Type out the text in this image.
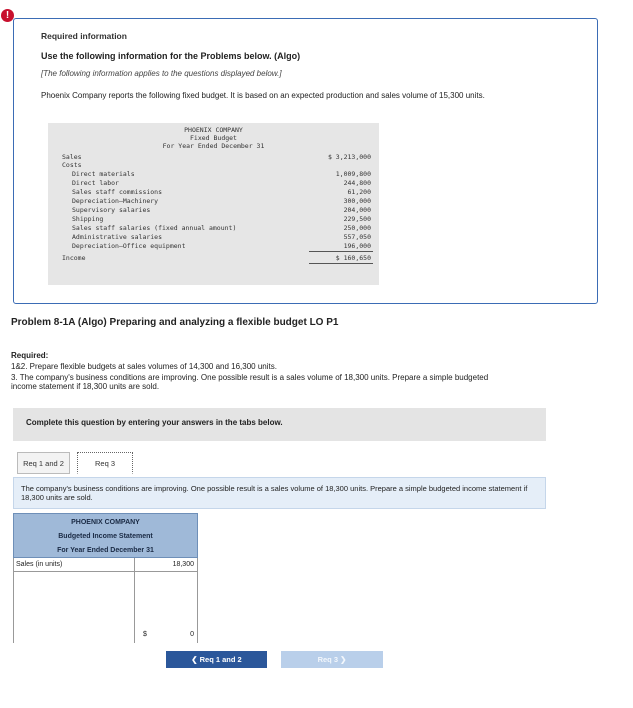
!
Required information
Use the following information for the Problems below. (Algo)
[The following information applies to the questions displayed below.]
Phoenix Company reports the following fixed budget. It is based on an expected production and sales volume of 15,300 units.
PHOENIX COMPANY
Fixed Budget
For Year Ended December 31
Sales	$ 3,213,000
Costs
Direct materials	1,009,800
Direct labor	244,800
Sales staff commissions	61,200
Depreciation—Machinery	300,000
Supervisory salaries	204,000
Shipping	229,500
Sales staff salaries (fixed annual amount)	250,000
Administrative salaries	557,050
Depreciation—Office equipment	196,000
Income	$ 160,650
Problem 8-1A (Algo) Preparing and analyzing a flexible budget LO P1
Required:
1&2. Prepare flexible budgets at sales volumes of 14,300 and 16,300 units.
3. The company's business conditions are improving. One possible result is a sales volume of 18,300 units. Prepare a simple budgeted
income statement if 18,300 units are sold.
Complete this question by entering your answers in the tabs below.
Req 1 and 2	Req 3
The company's business conditions are improving. One possible result is a sales volume of 18,300 units. Prepare a simple budgeted income statement if 18,300 units are sold.
PHOENIX COMPANY
Budgeted Income Statement
For Year Ended December 31
Sales (in units)	18,300
$	0
❮ Req 1 and 2	Req 3 ❯
